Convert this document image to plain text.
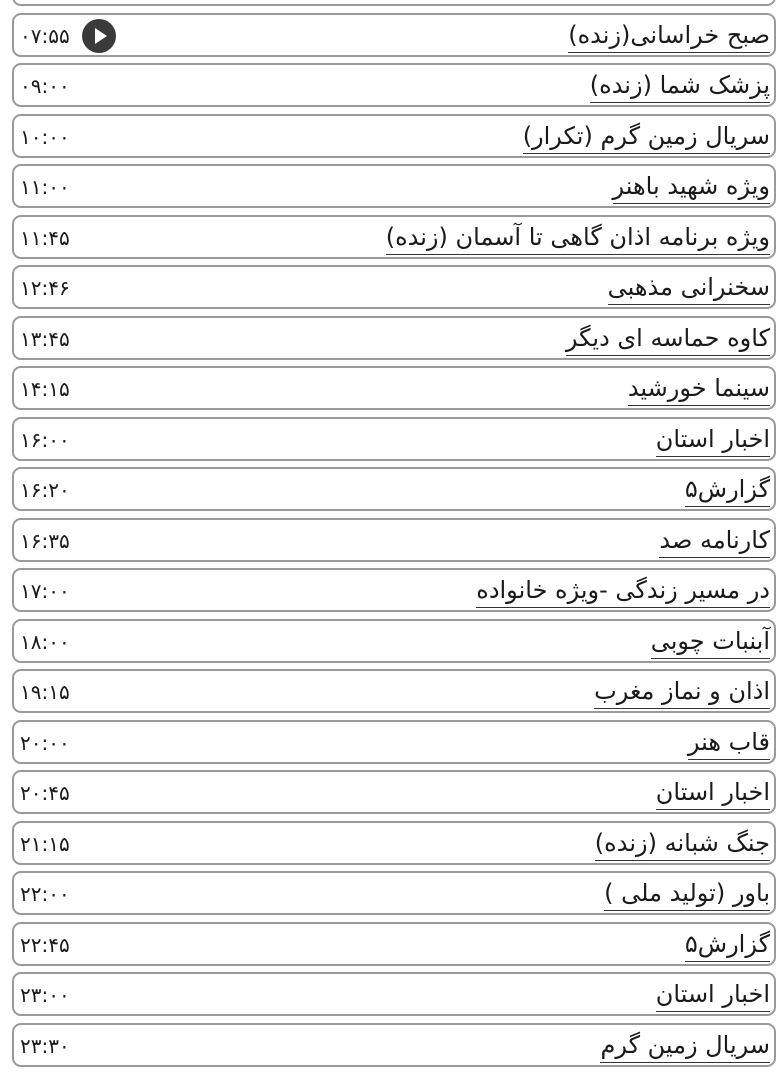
صبح خراسانی(زنده)
۰۷:۵۵
پزشک شما (زنده)
۰۹:۰۰
سریال زمین گرم (تکرار)
۱۰:۰۰
ویژه شهید باهنر
۱۱:۰۰
ویژه برنامه اذان گاهی تا آسمان (زنده)
۱۱:۴۵
سخنرانی مذهبی
۱۲:۴۶
کاوه حماسه ای دیگر
۱۳:۴۵
سینما خورشید
۱۴:۱۵
اخبار استان
۱۶:۰۰
گزارش۵
۱۶:۲۰
کارنامه صد
۱۶:۳۵
در مسیر زندگی -ویژه خانواده
۱۷:۰۰
آبنبات چوبی
۱۸:۰۰
اذان و نماز مغرب
۱۹:۱۵
قاب هنر
۲۰:۰۰
اخبار استان
۲۰:۴۵
جنگ شبانه (زنده)
۲۱:۱۵
باور (تولید ملی )
۲۲:۰۰
گزارش۵
۲۲:۴۵
اخبار استان
۲۳:۰۰
سریال زمین گرم
۲۳:۳۰
